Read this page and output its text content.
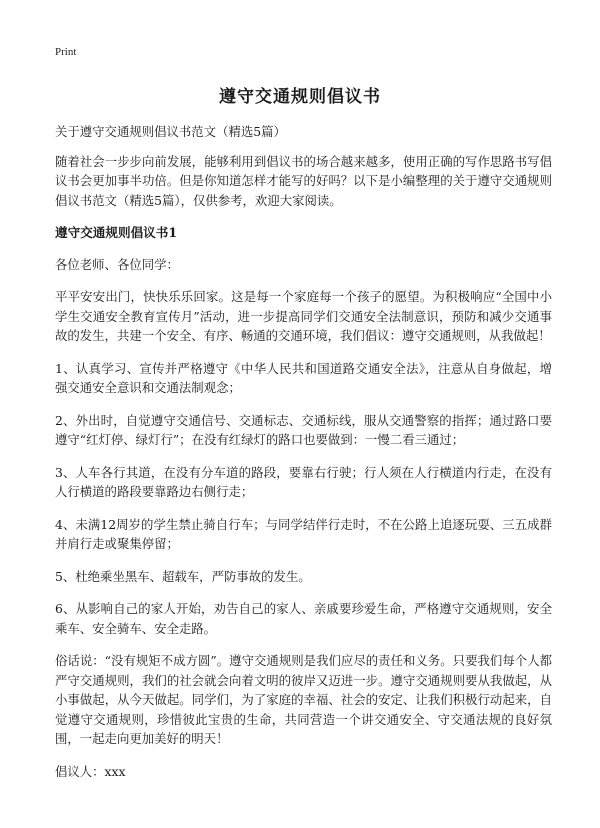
Print
遵守交通规则倡议书

关于遵守交通规则倡议书范文（精选5篇）

随着社会一步步向前发展，能够利用到倡议书的场合越来越多，使用正确的写作思路书写倡议书会更加事半功倍。但是你知道怎样才能写的好吗？以下是小编整理的关于遵守交通规则倡议书范文（精选5篇），仅供参考，欢迎大家阅读。

遵守交通规则倡议书1

各位老师、各位同学：

平平安安出门，快快乐乐回家。这是每一个家庭每一个孩子的愿望。为积极响应“全国中小学生交通安全教育宣传月”活动，进一步提高同学们交通安全法制意识，预防和减少交通事故的发生，共建一个安全、有序、畅通的交通环境，我们倡议：遵守交通规则，从我做起！

1、认真学习、宣传并严格遵守《中华人民共和国道路交通安全法》，注意从自身做起，增强交通安全意识和交通法制观念；

2、外出时，自觉遵守交通信号、交通标志、交通标线，服从交通警察的指挥；通过路口要遵守“红灯停、绿灯行”；在没有红绿灯的路口也要做到：一慢二看三通过；

3、人车各行其道，在没有分车道的路段，要靠右行驶；行人须在人行横道内行走，在没有人行横道的路段要靠路边右侧行走；

4、未满12周岁的学生禁止骑自行车；与同学结伴行走时，不在公路上追逐玩耍、三五成群并肩行走或聚集停留；

5、杜绝乘坐黑车、超载车，严防事故的发生。

6、从影响自己的家人开始，劝告自己的家人、亲戚要珍爱生命，严格遵守交通规则，安全乘车、安全骑车、安全走路。

俗话说：“没有规矩不成方圆”。遵守交通规则是我们应尽的责任和义务。只要我们每个人都严守交通规则，我们的社会就会向着文明的彼岸又迈进一步。遵守交通规则要从我做起，从小事做起，从今天做起。同学们，为了家庭的幸福、社会的安定、让我们积极行动起来，自觉遵守交通规则，珍惜彼此宝贵的生命，共同营造一个讲交通安全、守交通法规的良好氛围，一起走向更加美好的明天！

倡议人：xxx
